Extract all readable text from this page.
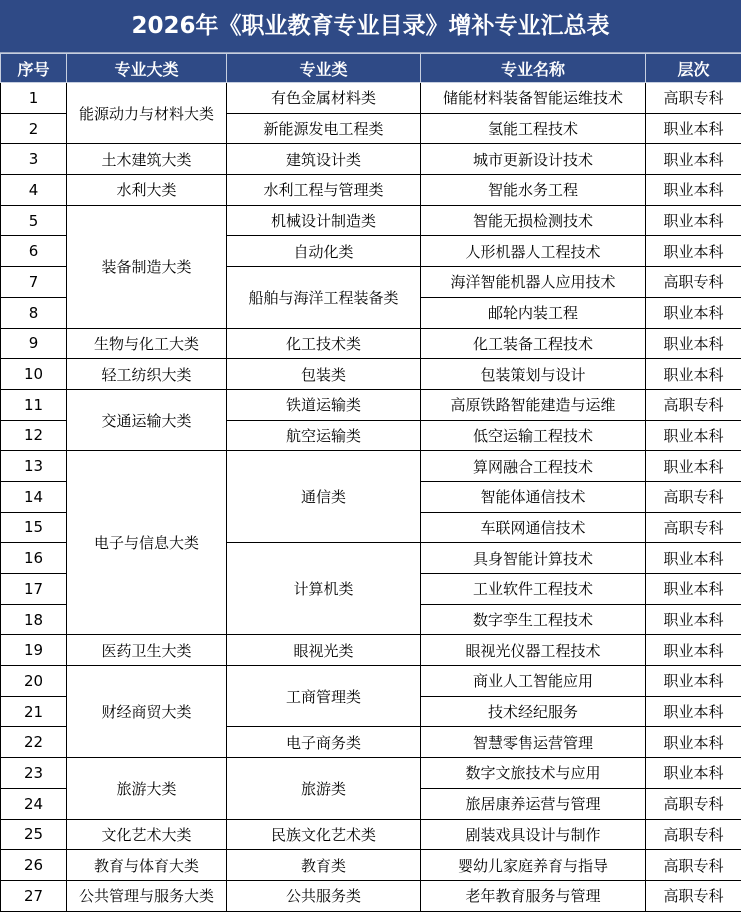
2026年《职业教育专业目录》增补专业汇总表
序号	专业大类	专业类	专业名称	层次
1	能源动力与材料大类	有色金属材料类	储能材料装备智能运维技术	高职专科
2		新能源发电工程类	氢能工程技术	职业本科
3	土木建筑大类	建筑设计类	城市更新设计技术	职业本科
4	水利大类	水利工程与管理类	智能水务工程	职业本科
5	装备制造大类	机械设计制造类	智能无损检测技术	职业本科
6		自动化类	人形机器人工程技术	职业本科
7		船舶与海洋工程装备类	海洋智能机器人应用技术	高职专科
8			邮轮内装工程	职业本科
9	生物与化工大类	化工技术类	化工装备工程技术	职业本科
10	轻工纺织大类	包装类	包装策划与设计	职业本科
11	交通运输大类	铁道运输类	高原铁路智能建造与运维	高职专科
12		航空运输类	低空运输工程技术	职业本科
13	电子与信息大类	通信类	算网融合工程技术	职业本科
14			智能体通信技术	高职专科
15			车联网通信技术	高职专科
16		计算机类	具身智能计算技术	职业本科
17			工业软件工程技术	职业本科
18			数字孪生工程技术	职业本科
19	医药卫生大类	眼视光类	眼视光仪器工程技术	职业本科
20	财经商贸大类	工商管理类	商业人工智能应用	职业本科
21			技术经纪服务	职业本科
22		电子商务类	智慧零售运营管理	职业本科
23	旅游大类	旅游类	数字文旅技术与应用	职业本科
24			旅居康养运营与管理	高职专科
25	文化艺术大类	民族文化艺术类	剧装戏具设计与制作	高职专科
26	教育与体育大类	教育类	婴幼儿家庭养育与指导	高职专科
27	公共管理与服务大类	公共服务类	老年教育服务与管理	高职专科
